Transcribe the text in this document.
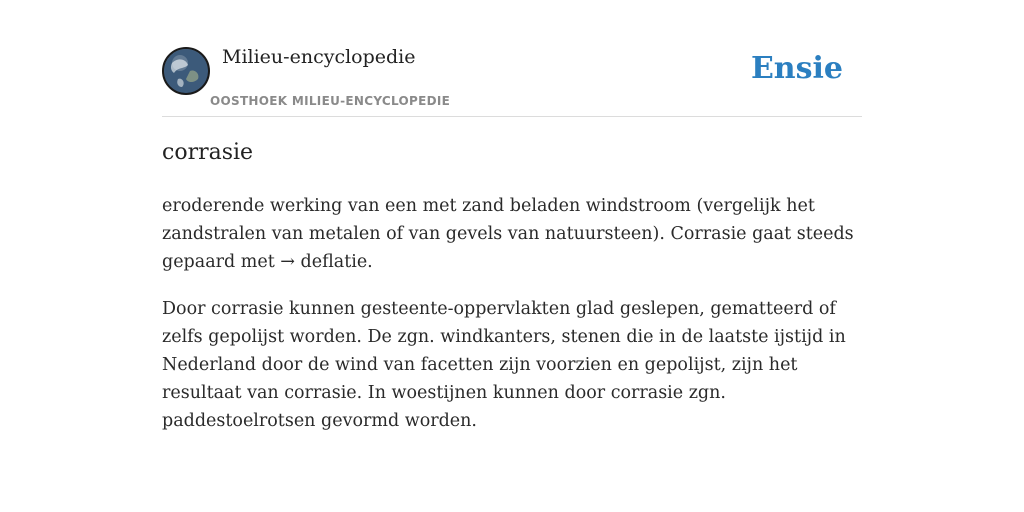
Milieu-encyclopedie
OOSTHOEK MILIEU-ENCYCLOPEDIE
Ensie
corrasie

eroderende werking van een met zand beladen windstroom (vergelijk het zandstralen van metalen of van gevels van natuursteen). Corrasie gaat steeds gepaard met → deflatie.

Door corrasie kunnen gesteente-oppervlakten glad geslepen, gematteerd of zelfs gepolijst worden. De zgn. windkanters, stenen die in de laatste ijstijd in Nederland door de wind van facetten zijn voorzien en gepolijst, zijn het resultaat van corrasie. In woestijnen kunnen door corrasie zgn. paddestoelrotsen gevormd worden.
